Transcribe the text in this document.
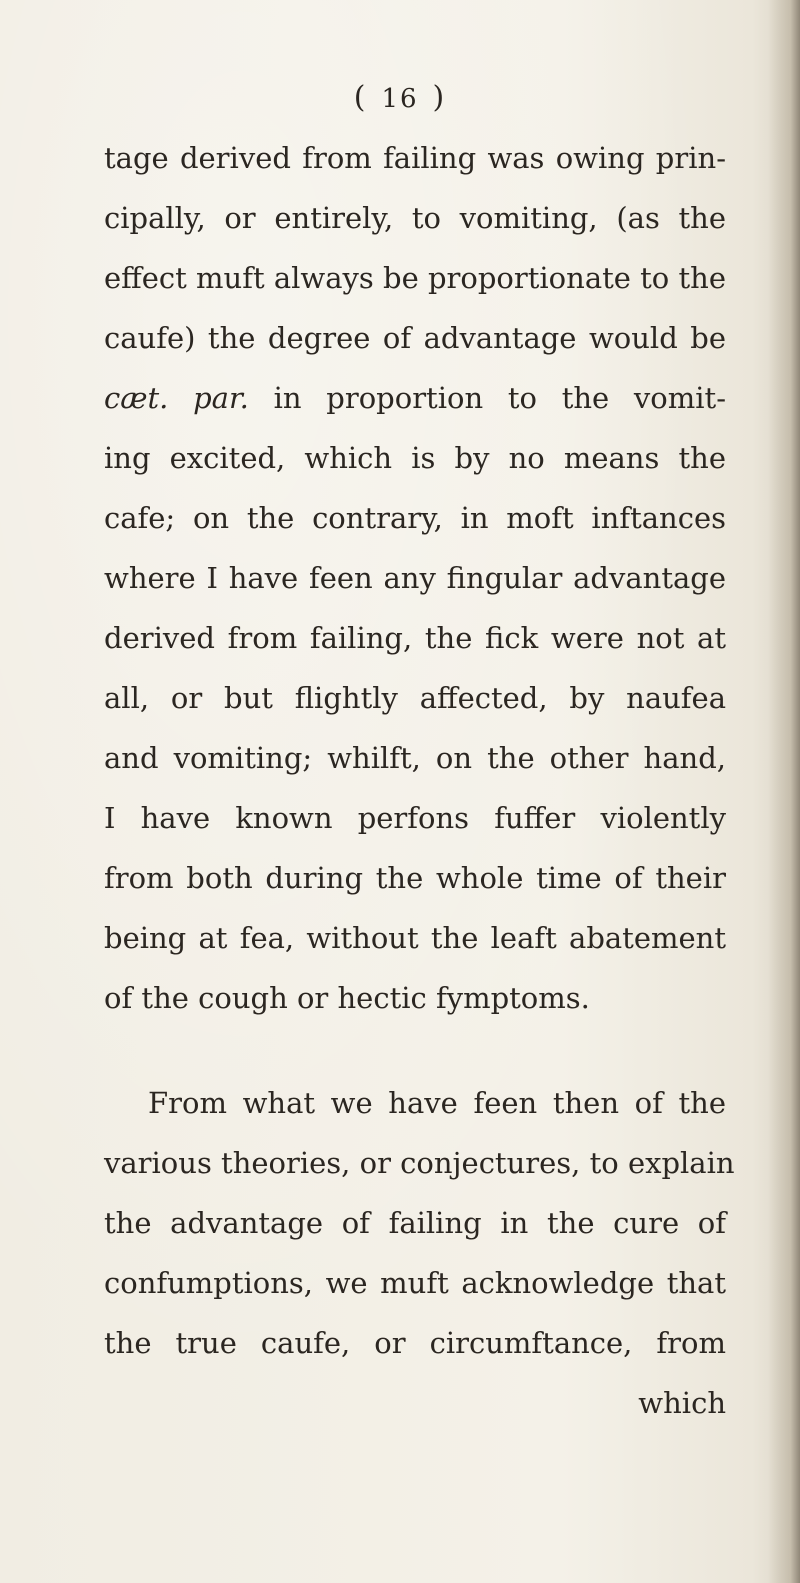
( 16 )
tage derived from failing was owing prin-
cipally, or entirely, to vomiting, (as the
effect muft always be proportionate to the
caufe) the degree of advantage would be
cæt. par. in proportion to the vomit-
ing excited, which is by no means the
cafe; on the contrary, in moft inftances
where I have feen any fingular advantage
derived from failing, the fick were not at
all, or but flightly affected, by naufea
and vomiting; whilft, on the other hand,
I have known perfons fuffer violently
from both during the whole time of their
being at fea, without the leaft abatement
of the cough or hectic fymptoms.
From what we have feen then of the
various theories, or conjectures, to explain
the advantage of failing in the cure of
confumptions, we muft acknowledge that
the true caufe, or circumftance, from
which
